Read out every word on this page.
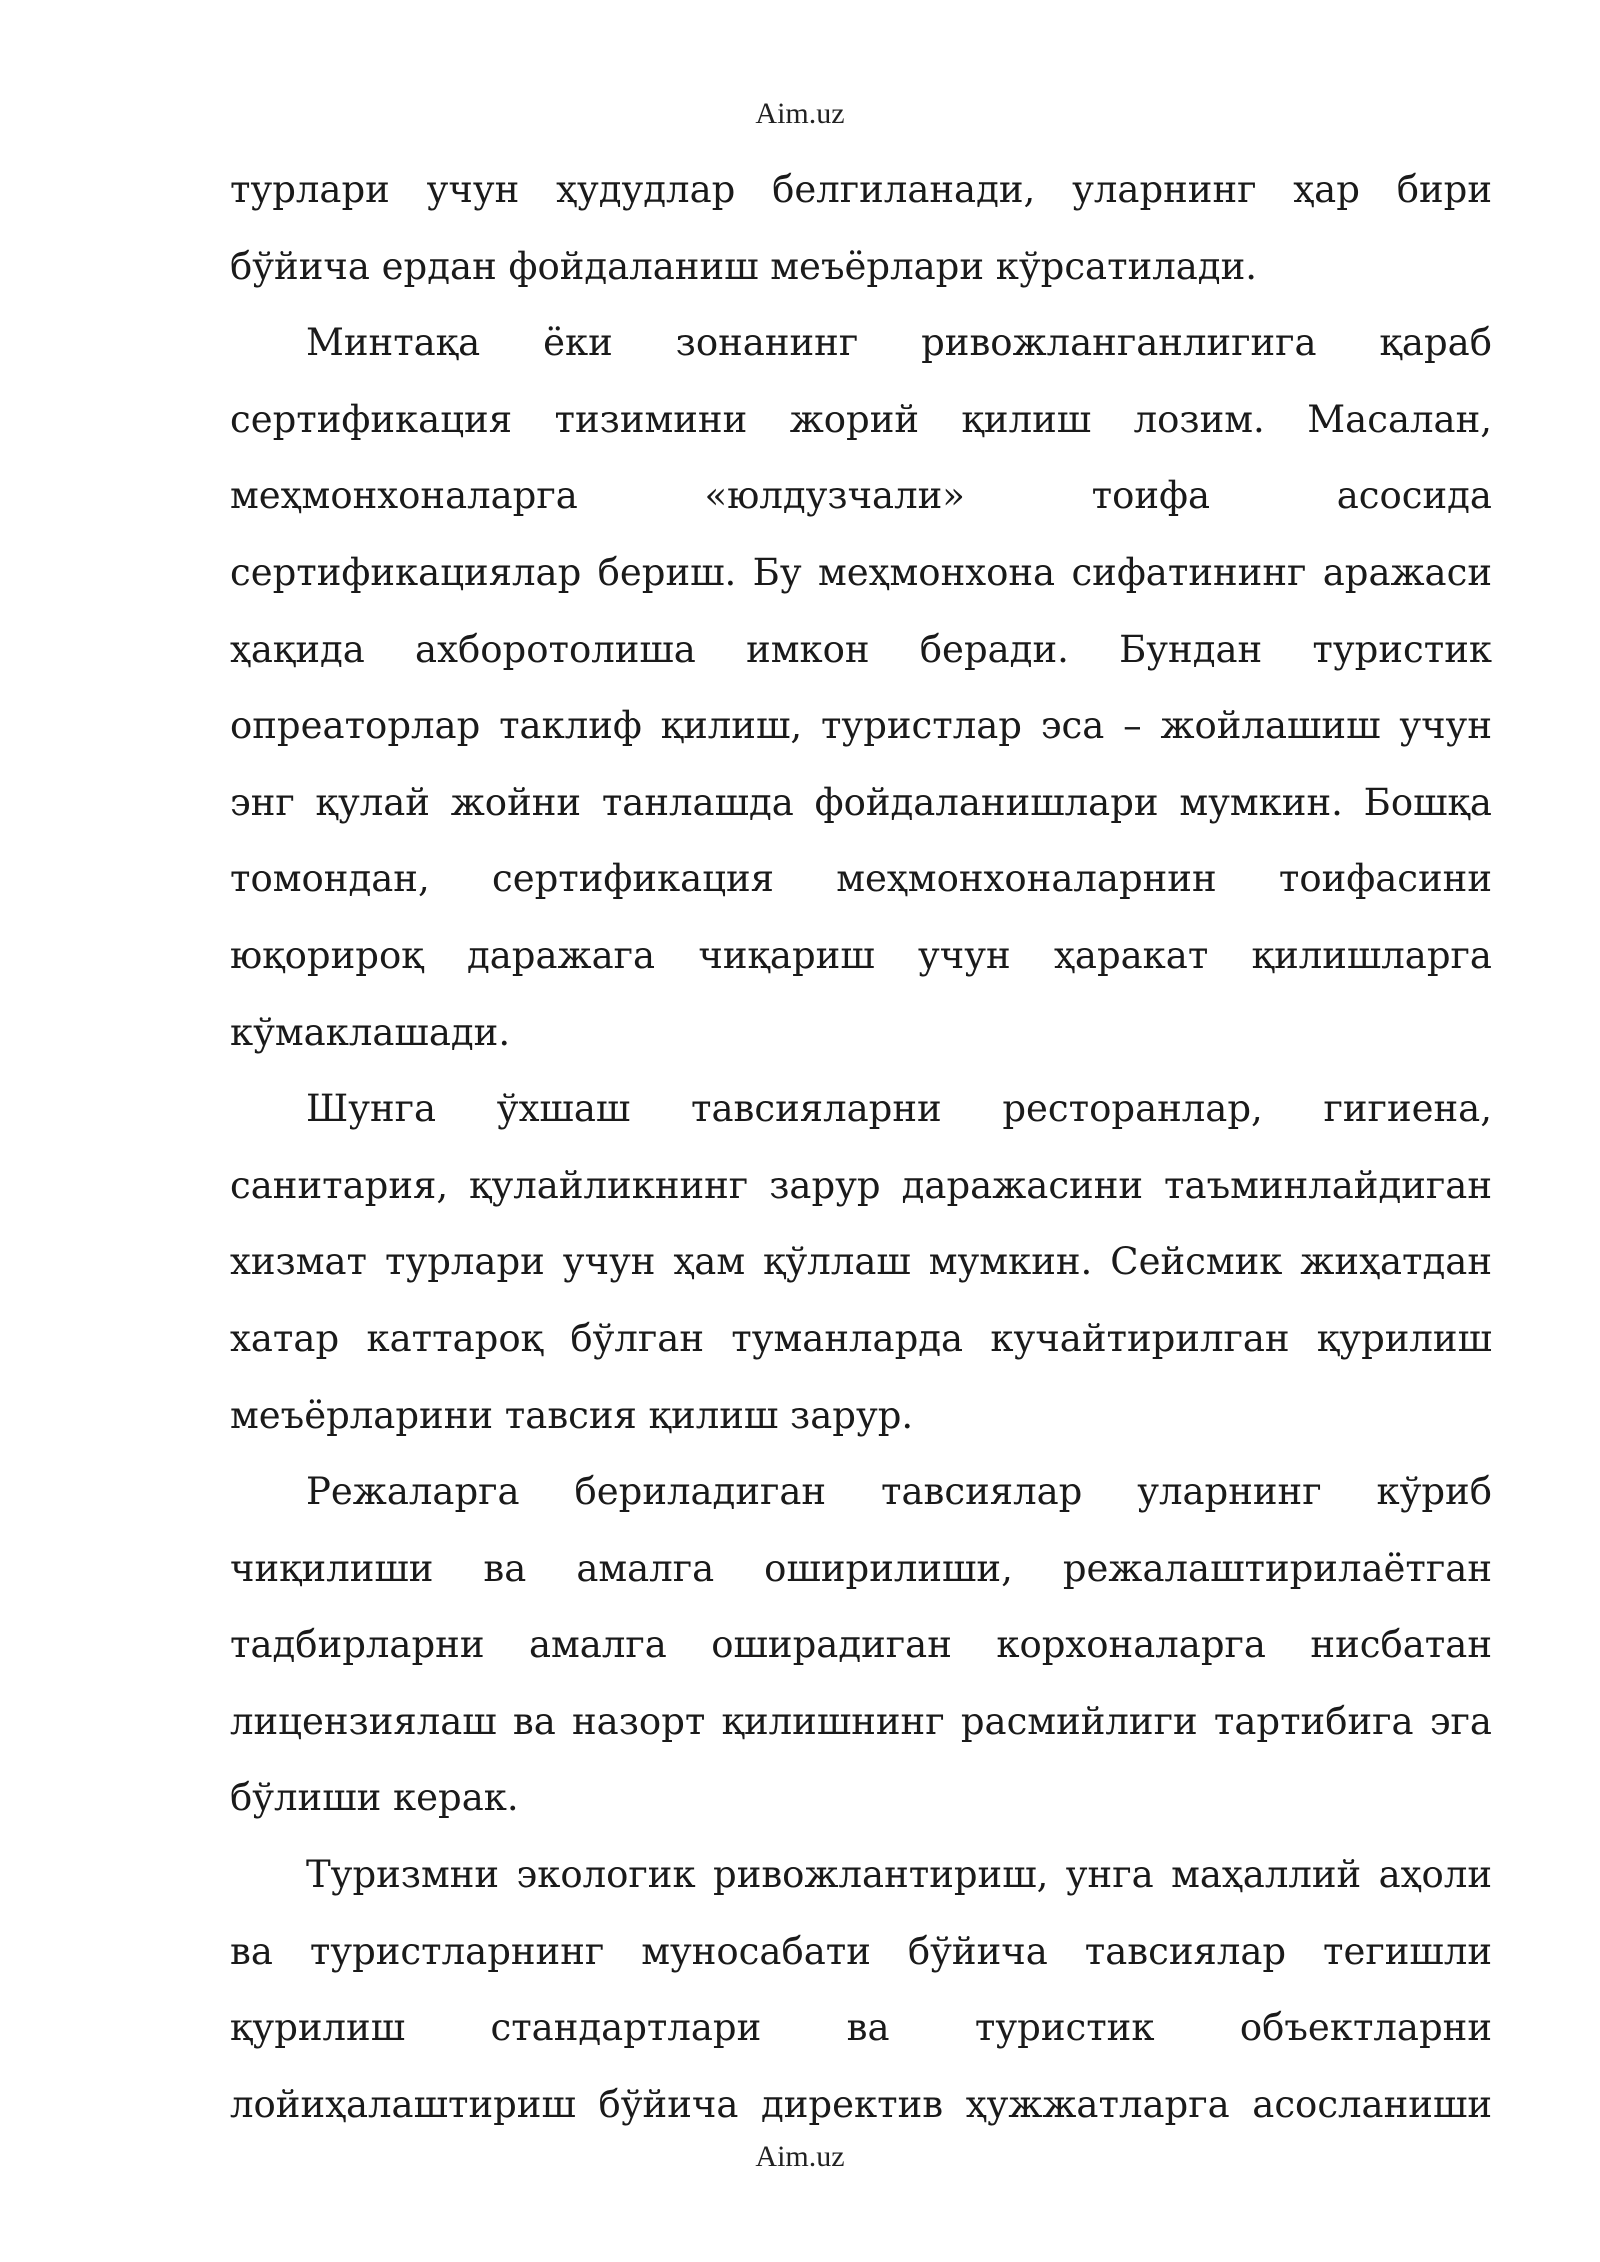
Aim.uz

турлари учун ҳудудлар белгиланади, уларнинг ҳар бири бўйича ердан фойдаланиш меъёрлари кўрсатилади.

Минтақа ёки зонанинг ривожланганлигига қараб сертификация тизимини жорий қилиш лозим. Масалан, меҳмонхоналарга «юлдузчали» тоифа асосида сертификациялар бериш. Бу меҳмонхона сифатининг аражаси ҳақида ахборотолиша имкон беради. Бундан туристик опреаторлар таклиф қилиш, туристлар эса – жойлашиш учун энг қулай жойни танлашда фойдаланишлари мумкин. Бошқа томондан, сертификация меҳмонхоналарнин тоифасини юқорироқ даражага чиқариш учун ҳаракат қилишларга кўмаклашади.

Шунга ўхшаш тавсияларни ресторанлар, гигиена, санитария, қулайликнинг зарур даражасини таъминлайдиган хизмат турлари учун ҳам қўллаш мумкин. Сейсмик жиҳатдан хатар каттароқ бўлган туманларда кучайтирилган қурилиш меъёрларини тавсия қилиш зарур.

Режаларга бериладиган тавсиялар уларнинг кўриб чиқилиши ва амалга оширилиши, режалаштирилаётган тадбирларни амалга оширадиган корхоналарга нисбатан лицензиялаш ва назорт қилишнинг расмийлиги тартибига эга бўлиши керак.

Туризмни экологик ривожлантириш, унга маҳаллий аҳоли ва туристларнинг муносабати бўйича тавсиялар тегишли қурилиш стандартлари ва туристик объектларни лойиҳалаштириш бўйича директив ҳужжатларга асосланиши

Aim.uz
